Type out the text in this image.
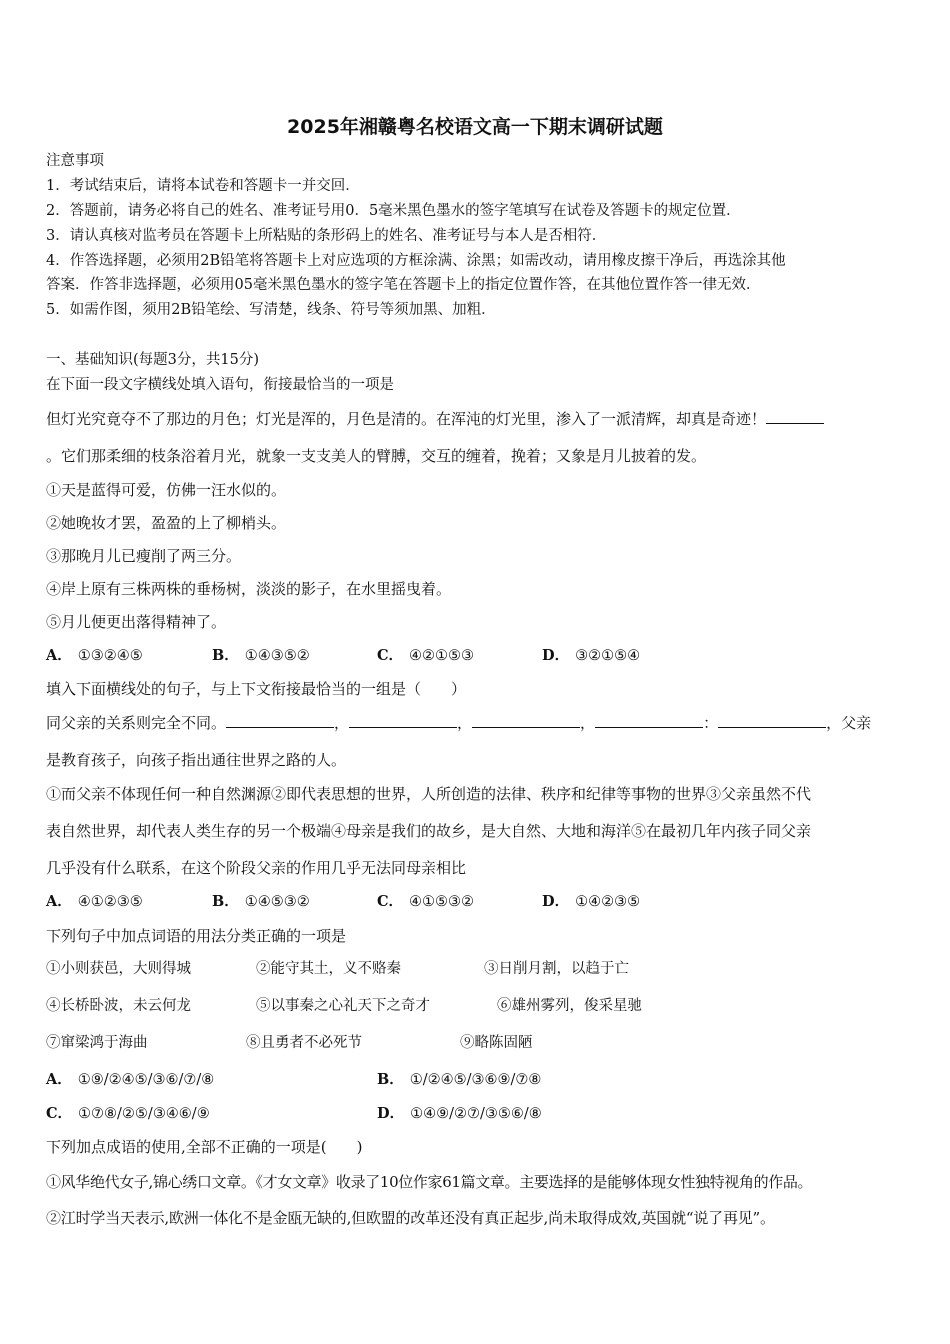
2025年湘赣粤名校语文高一下期末调研试题
注意事项
1．考试结束后，请将本试卷和答题卡一并交回．
2．答题前，请务必将自己的姓名、准考证号用0．5毫米黑色墨水的签字笔填写在试卷及答题卡的规定位置．
3．请认真核对监考员在答题卡上所粘贴的条形码上的姓名、准考证号与本人是否相符．
4．作答选择题，必须用2B铅笔将答题卡上对应选项的方框涂满、涂黑；如需改动，请用橡皮擦干净后，再选涂其他
答案．作答非选择题，必须用05毫米黑色墨水的签字笔在答题卡上的指定位置作答，在其他位置作答一律无效．
5．如需作图，须用2B铅笔绘、写清楚，线条、符号等须加黑、加粗．
一、基础知识(每题3分，共15分)
在下面一段文字横线处填入语句，衔接最恰当的一项是
但灯光究竟夺不了那边的月色；灯光是浑的，月色是清的。在浑沌的灯光里，渗入了一派清辉，却真是奇迹！
。它们那柔细的枝条浴着月光，就象一支支美人的臂膊，交互的缠着，挽着；又象是月儿披着的发。
①天是蓝得可爱，仿佛一汪水似的。
②她晚妆才罢，盈盈的上了柳梢头。
③那晚月儿已瘦削了两三分。
④岸上原有三株两株的垂杨树，淡淡的影子，在水里摇曳着。
⑤月儿便更出落得精神了。
A． ①③②④⑤	B． ①④③⑤②	C． ④②①⑤③	D． ③②①⑤④
填入下面横线处的句子，与上下文衔接最恰当的一组是（　　）
同父亲的关系则完全不同。	，	，	，	：	，父亲
是教育孩子，向孩子指出通往世界之路的人。
①而父亲不体现任何一种自然渊源②即代表思想的世界，人所创造的法律、秩序和纪律等事物的世界③父亲虽然不代
表自然世界，却代表人类生存的另一个极端④母亲是我们的故乡，是大自然、大地和海洋⑤在最初几年内孩子同父亲
几乎没有什么联系，在这个阶段父亲的作用几乎无法同母亲相比
A． ④①②③⑤	B． ①④⑤③②	C． ④①⑤③②	D． ①④②③⑤
下列句子中加点词语的用法分类正确的一项是
①小则获邑，大则得城	②能守其土，义不赂秦	③日削月割，以趋于亡
④长桥卧波，未云何龙	⑤以事秦之心礼天下之奇才	⑥雄州雾列，俊采星驰
⑦窜梁鸿于海曲	⑧且勇者不必死节	⑨略陈固陋
A． ①⑨/②④⑤/③⑥/⑦/⑧	B． ①/②④⑤/③⑥⑨/⑦⑧
C． ①⑦⑧/②⑤/③④⑥/⑨	D． ①④⑨/②⑦/③⑤⑥/⑧
下列加点成语的使用,全部不正确的一项是(　　)
①风华绝代女子,锦心绣口文章。《才女文章》收录了10位作家61篇文章。主要选择的是能够体现女性独特视角的作品。
②江时学当天表示,欧洲一体化不是金瓯无缺的,但欧盟的改革还没有真正起步,尚未取得成效,英国就“说了再见”。
